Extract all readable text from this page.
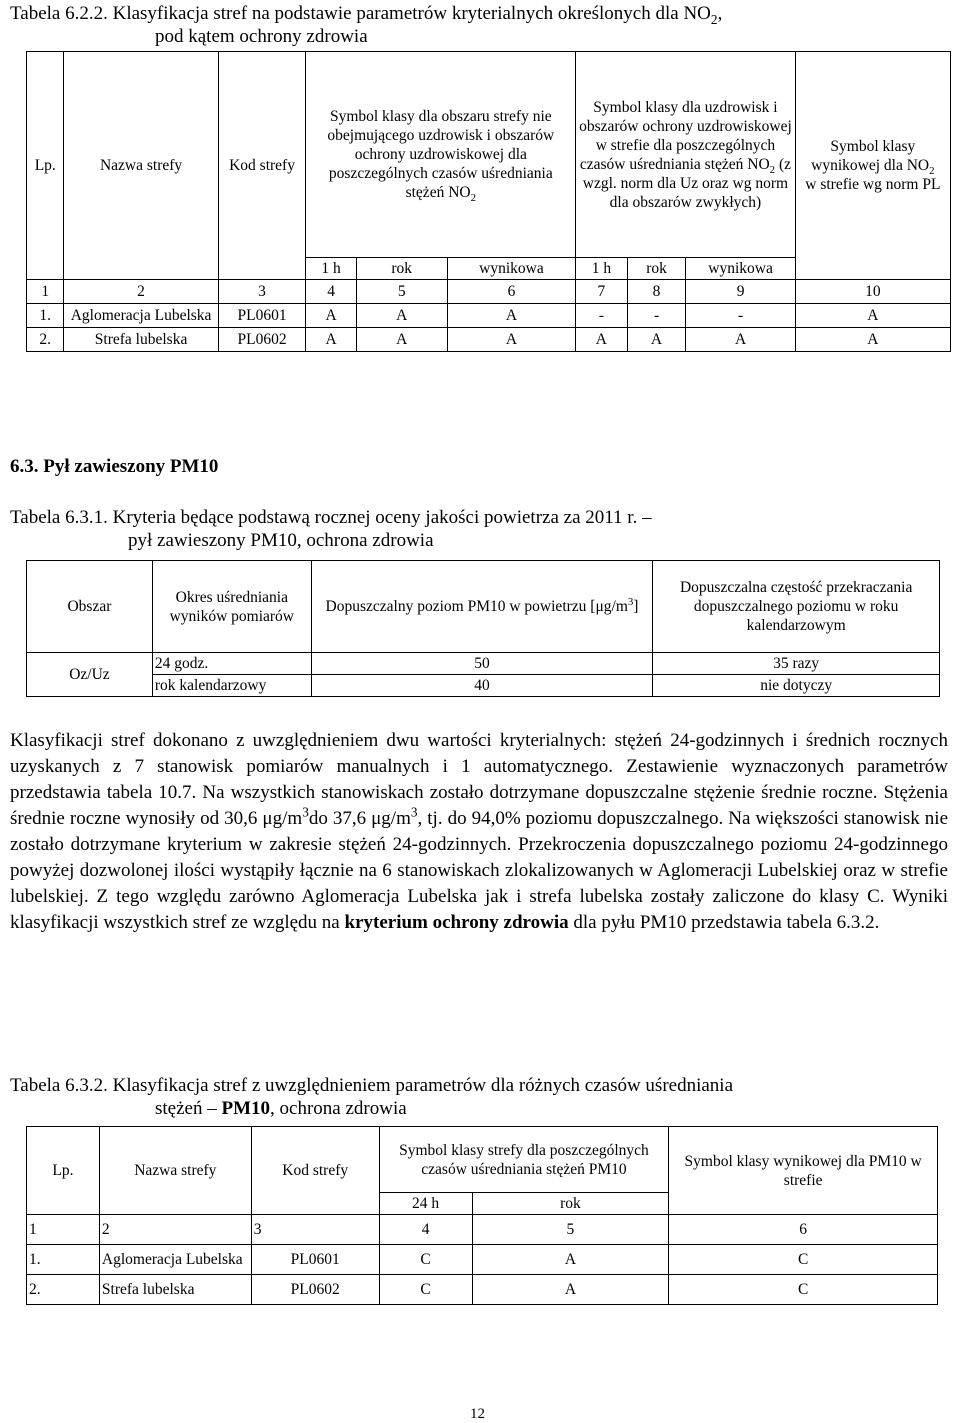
Tabela 6.2.2. Klasyfikacja stref na podstawie parametrów kryterialnych określonych dla $NO_2$,
pod kątem ochrony zdrowia
Lp.	Nazwa strefy	Kod strefy	Symbol klasy dla obszaru strefy nie obejmującego uzdrowisk i obszarów ochrony uzdrowiskowej dla poszczególnych czasów uśredniania stężeń $NO_2$			Symbol klasy dla uzdrowisk i obszarów ochrony uzdrowiskowej w strefie dla poszczególnych czasów uśredniania stężeń $NO_2$ (z wzgl. norm dla Uz oraz wg norm dla obszarów zwykłych)			Symbol klasy wynikowej dla $NO_2$
w strefie wg norm PL
			1 h	rok	wynikowa	1 h	rok	wynikowa	
1	2	3	4	5	6	7	8	9	10
1.	Aglomeracja Lubelska	PL0601	A	A	A	-	-	-	A
2.	Strefa lubelska	PL0602	A	A	A	A	A	A	A
6.3. Pył zawieszony PM10
Tabela 6.3.1. Kryteria będące podstawą rocznej oceny jakości powietrza za 2011 r. –
pył zawieszony PM10, ochrona zdrowia
Obszar	Okres uśredniania wyników pomiarów	Dopuszczalny poziom PM10 w powietrzu $[\mu g/m^3]$	Dopuszczalna częstość przekraczania dopuszczalnego poziomu w roku kalendarzowym
Oz/Uz	24 godz.	50	35 razy
	rok kalendarzowy	40	nie dotyczy

Klasyfikacji stref dokonano z uwzględnieniem dwu wartości kryterialnych: stężeń 24-godzinnych i średnich rocznych uzyskanych z 7 stanowisk pomiarów manualnych i 1 automatycznego. Zestawienie wyznaczonych parametrów przedstawia tabela 10.7. Na wszystkich stanowiskach zostało dotrzymane dopuszczalne stężenie średnie roczne. Stężenia średnie roczne wynosiły od 30,6 $\mu g/m^3do$ 37,6 $\mu g/m^3$, tj. do 94,0% poziomu dopuszczalnego. Na większości stanowisk nie zostało dotrzymane kryterium w zakresie stężeń 24-godzinnych. Przekroczenia dopuszczalnego poziomu 24-godzinnego powyżej dozwolonej ilości wystąpiły łącznie na 6 stanowiskach zlokalizowanych w Aglomeracji Lubelskiej oraz w strefie lubelskiej. Z tego względu zarówno Aglomeracja Lubelska jak i strefa lubelska zostały zaliczone do klasy C. Wyniki klasyfikacji wszystkich stref ze względu na kryterium ochrony zdrowia dla pyłu PM10 przedstawia tabela 6.3.2.

Tabela 6.3.2. Klasyfikacja stref z uwzględnieniem parametrów dla różnych czasów uśredniania
stężeń – PM10, ochrona zdrowia
Lp.	Nazwa strefy	Kod strefy	Symbol klasy strefy dla poszczególnych czasów uśredniania stężeń PM10		Symbol klasy wynikowej dla PM10 w strefie
			24 h	rok	
1	2	3	4	5	6
1.	Aglomeracja Lubelska	PL0601	C	A	C
2.	Strefa lubelska	PL0602	C	A	C
12
